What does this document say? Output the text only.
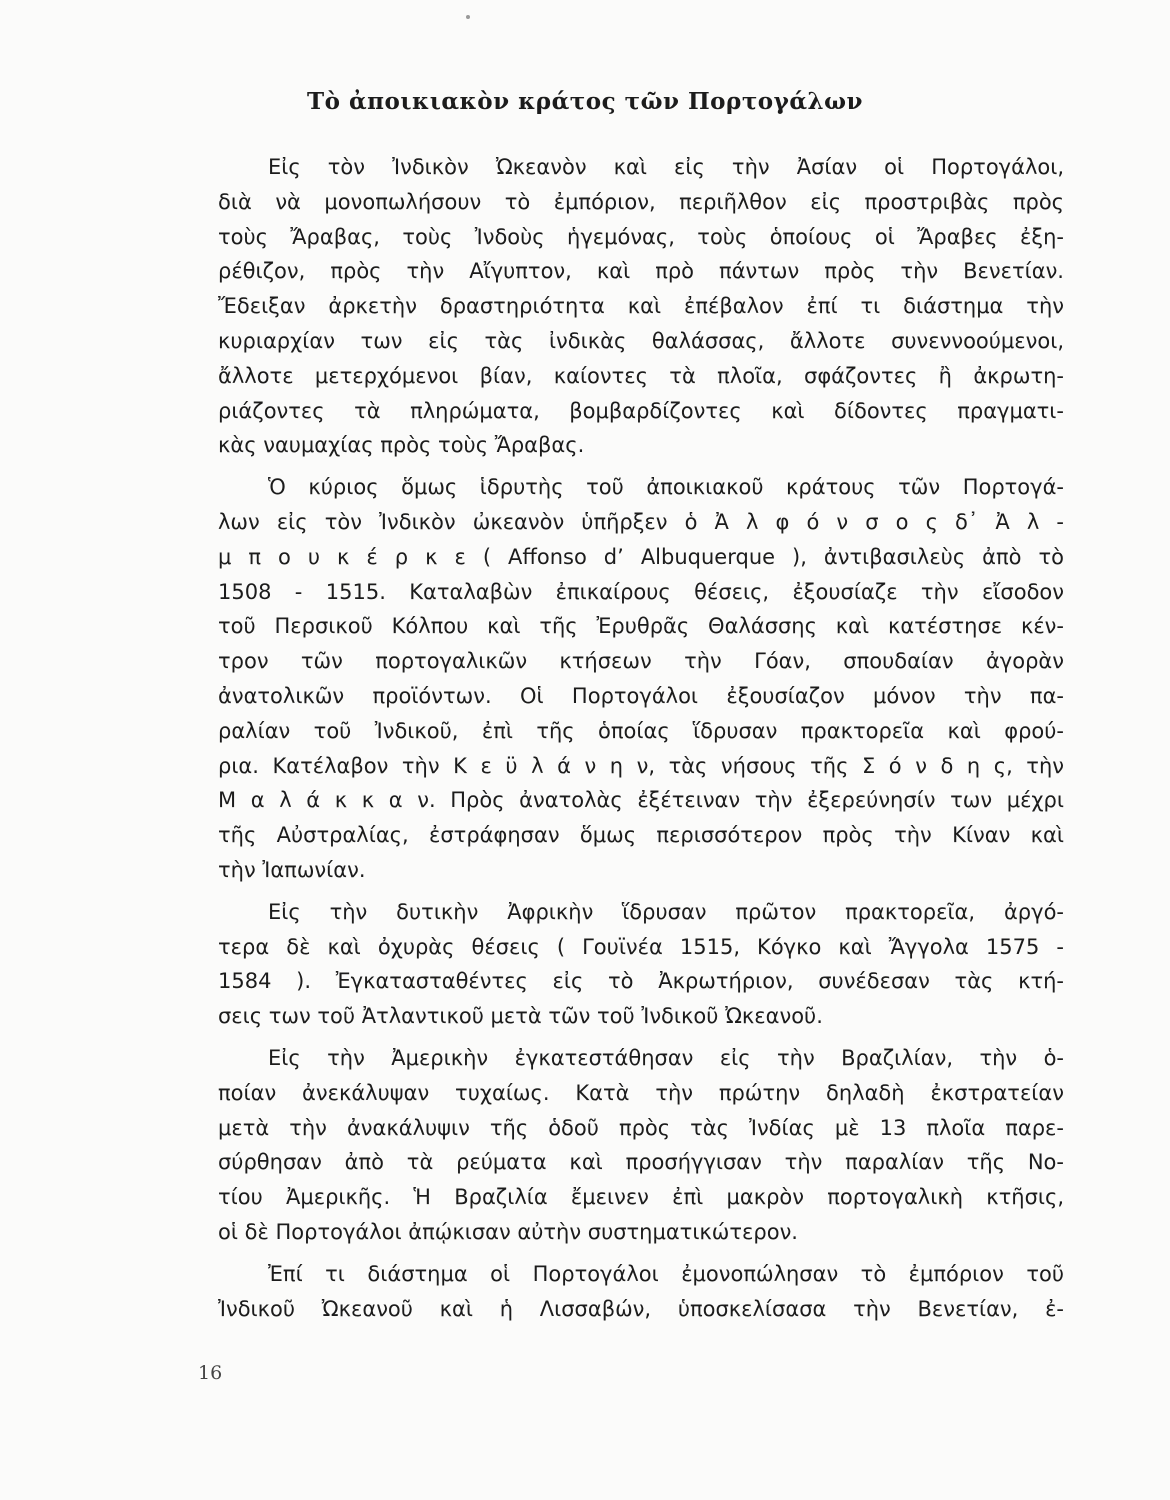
Τὸ ἀποικιακὸν κράτος τῶν Πορτογάλων
Εἰς τὸν Ἰνδικὸν Ὠκεανὸν καὶ εἰς τὴν Ἀσίαν οἱ Πορτογάλοι,
διὰ νὰ μονοπωλήσουν τὸ ἐμπόριον, περιῆλθον εἰς προστριβὰς πρὸς
τοὺς Ἄραβας, τοὺς Ἰνδοὺς ἡγεμόνας, τοὺς ὁποίους οἱ Ἄραβες ἐξη-
ρέθιζον, πρὸς τὴν Αἴγυπτον, καὶ πρὸ πάντων πρὸς τὴν Βενετίαν.
Ἔδειξαν ἀρκετὴν δραστηριότητα καὶ ἐπέβαλον ἐπί τι διάστημα τὴν
κυριαρχίαν των εἰς τὰς ἰνδικὰς θαλάσσας, ἄλλοτε συνεννοούμενοι,
ἄλλοτε μετερχόμενοι βίαν, καίοντες τὰ πλοῖα, σφάζοντες ἢ ἀκρωτη-
ριάζοντες τὰ πληρώματα, βομβαρδίζοντες καὶ δίδοντες πραγματι-
κὰς ναυμαχίας πρὸς τοὺς Ἄραβας.
Ὁ κύριος ὅμως ἱδρυτὴς τοῦ ἀποικιακοῦ κράτους τῶν Πορτογά-
λων εἰς τὸν Ἰνδικὸν ὠκεανὸν ὑπῆρξεν ὁ Ἀ λ φ ό ν σ ο ς δ᾽ Ἀ λ -
μ π ο υ κ έ ρ κ ε ( Affonso d’ Albuquerque ), ἀντιβασιλεὺς ἀπὸ τὸ
1508 - 1515. Καταλαβὼν ἐπικαίρους θέσεις, ἐξουσίαζε τὴν εἴσοδον
τοῦ Περσικοῦ Κόλπου καὶ τῆς Ἐρυθρᾶς Θαλάσσης καὶ κατέστησε κέν-
τρον τῶν πορτογαλικῶν κτήσεων τὴν Γόαν, σπουδαίαν ἀγορὰν
ἀνατολικῶν προϊόντων. Οἱ Πορτογάλοι ἐξουσίαζον μόνον τὴν πα-
ραλίαν τοῦ Ἰνδικοῦ, ἐπὶ τῆς ὁποίας ἵδρυσαν πρακτορεῖα καὶ φρού-
ρια. Κατέλαβον τὴν Κ ε ϋ λ ά ν η ν, τὰς νήσους τῆς Σ ό ν δ η ς, τὴν
Μ α λ ά κ κ α ν. Πρὸς ἀνατολὰς ἐξέτειναν τὴν ἐξερεύνησίν των μέχρι
τῆς Αὐστραλίας, ἐστράφησαν ὅμως περισσότερον πρὸς τὴν Κίναν καὶ
τὴν Ἰαπωνίαν.
Εἰς τὴν δυτικὴν Ἀφρικὴν ἵδρυσαν πρῶτον πρακτορεῖα, ἀργό-
τερα δὲ καὶ ὀχυρὰς θέσεις ( Γουϊνέα 1515, Κόγκο καὶ Ἄγγολα 1575 -
1584 ). Ἐγκατασταθέντες εἰς τὸ Ἀκρωτήριον, συνέδεσαν τὰς κτή-
σεις των τοῦ Ἀτλαντικοῦ μετὰ τῶν τοῦ Ἰνδικοῦ Ὠκεανοῦ.
Εἰς τὴν Ἀμερικὴν ἐγκατεστάθησαν εἰς τὴν Βραζιλίαν, τὴν ὁ-
ποίαν ἀνεκάλυψαν τυχαίως. Κατὰ τὴν πρώτην δηλαδὴ ἐκστρατείαν
μετὰ τὴν ἀνακάλυψιν τῆς ὁδοῦ πρὸς τὰς Ἰνδίας μὲ 13 πλοῖα παρε-
σύρθησαν ἀπὸ τὰ ρεύματα καὶ προσήγγισαν τὴν παραλίαν τῆς Νο-
τίου Ἀμερικῆς. Ἡ Βραζιλία ἔμεινεν ἐπὶ μακρὸν πορτογαλικὴ κτῆσις,
οἱ δὲ Πορτογάλοι ἀπῴκισαν αὐτὴν συστηματικώτερον.
Ἐπί τι διάστημα οἱ Πορτογάλοι ἐμονοπώλησαν τὸ ἐμπόριον τοῦ
Ἰνδικοῦ Ὠκεανοῦ καὶ ἡ Λισσαβών, ὑποσκελίσασα τὴν Βενετίαν, ἐ-
16
